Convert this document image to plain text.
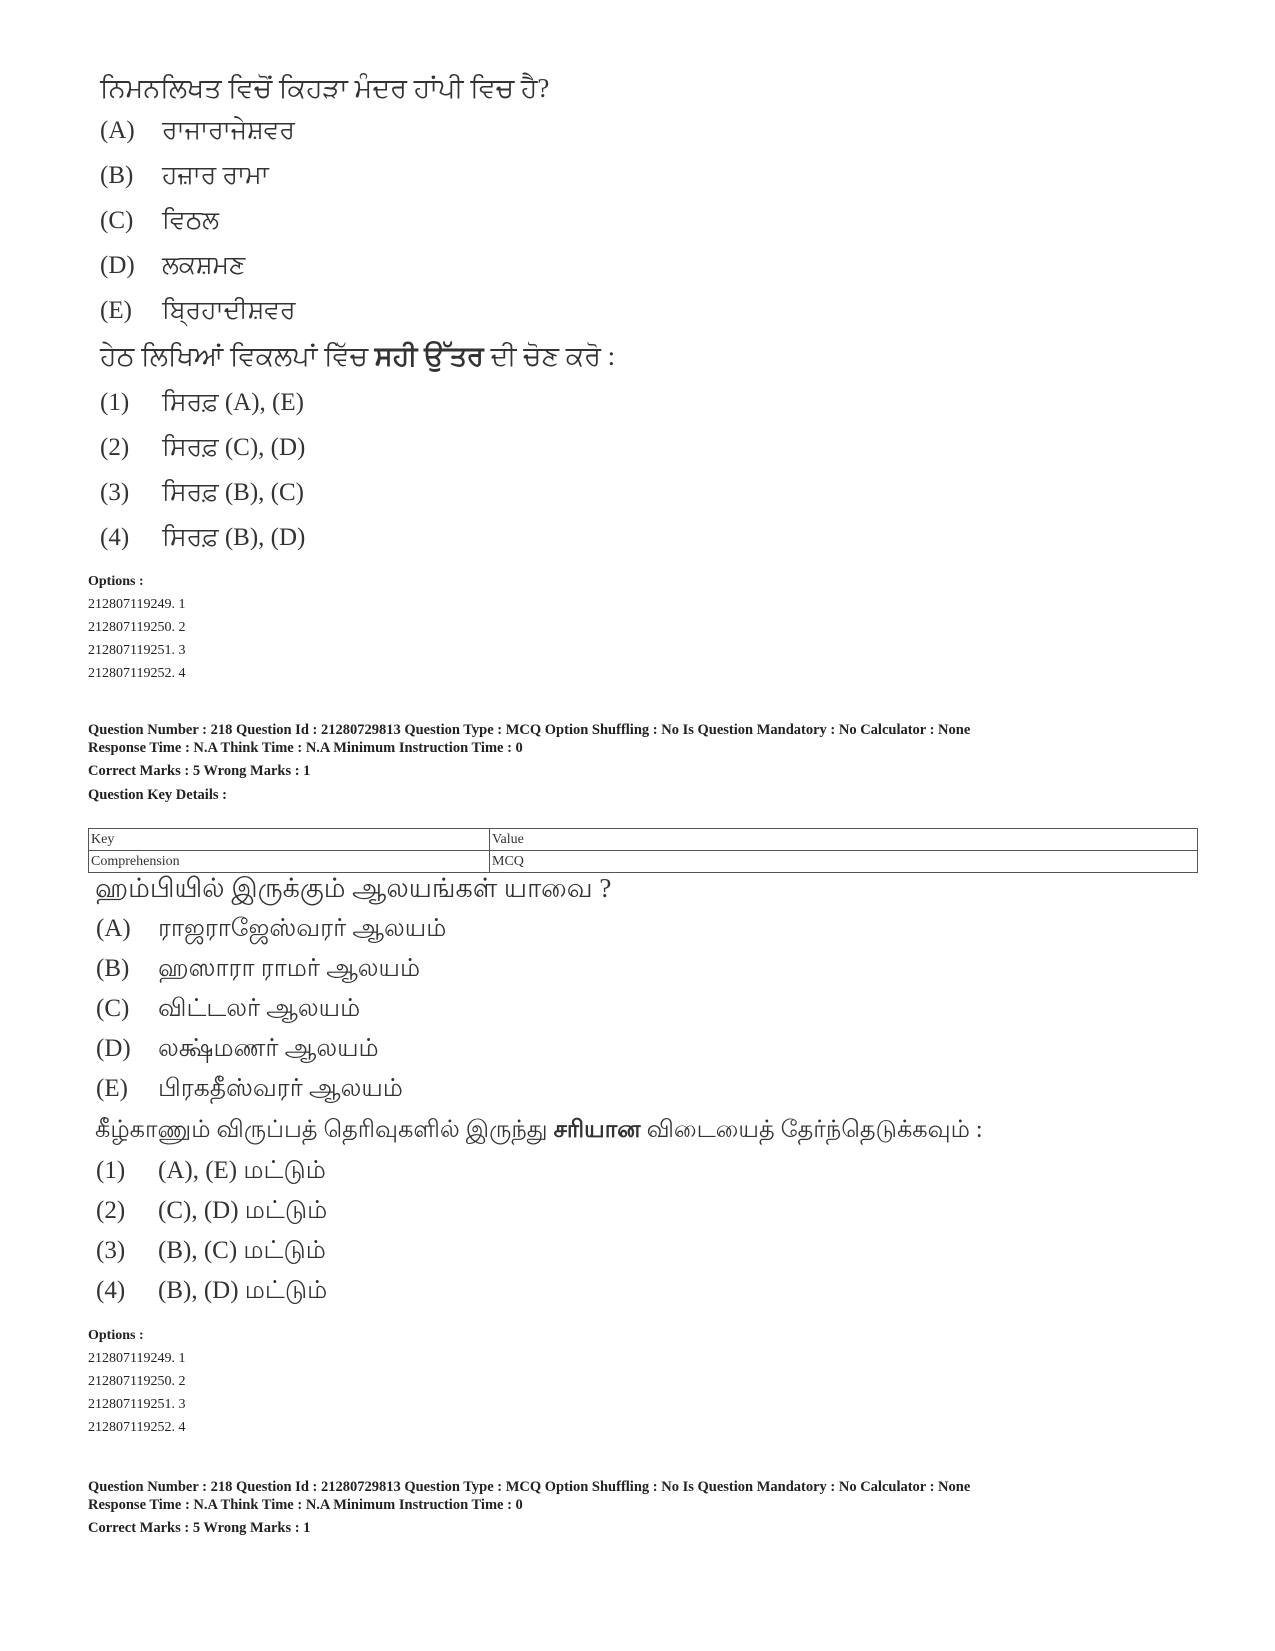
ਨਿਮਨਲਿਖਤ ਵਿਚੋਂ ਕਿਹੜਾ ਮੰਦਰ ਹਾਂਪੀ ਵਿਚ ਹੈ?
(A) ਰਾਜਾਰਾਜੇਸ਼ਵਰ
(B) ਹਜ਼ਾਰ ਰਾਮਾ
(C) ਵਿਠਲ
(D) ਲਕਸ਼ਮਣ
(E) ਬ੍ਰਿਹਾਦੀਸ਼ਵਰ
ਹੇਠ ਲਿਖਿਆਂ ਵਿਕਲਪਾਂ ਵਿੱਚ ਸਹੀ ਉੱਤਰ ਦੀ ਚੋਣ ਕਰੋ :
(1) ਸਿਰਫ਼ (A), (E)
(2) ਸਿਰਫ਼ (C), (D)
(3) ਸਿਰਫ਼ (B), (C)
(4) ਸਿਰਫ਼ (B), (D)
Options :
212807119249. 1
212807119250. 2
212807119251. 3
212807119252. 4
Question Number : 218 Question Id : 21280729813 Question Type : MCQ Option Shuffling : No Is Question Mandatory : No Calculator : None
Response Time : N.A Think Time : N.A Minimum Instruction Time : 0
Correct Marks : 5 Wrong Marks : 1
Question Key Details :
Key	Value
Comprehension	MCQ
ஹம்பியில் இருக்கும் ஆலயங்கள் யாவை ?
(A) ராஜராஜேஸ்வரர் ஆலயம்
(B) ஹஸாரா ராமர் ஆலயம்
(C) விட்டலர் ஆலயம்
(D) லக்ஷ்மணர் ஆலயம்
(E) பிரகதீஸ்வரர் ஆலயம்
கீழ்காணும் விருப்பத் தெரிவுகளில் இருந்து சரியான விடையைத் தேர்ந்தெடுக்கவும் :
(1) (A), (E) மட்டும்
(2) (C), (D) மட்டும்
(3) (B), (C) மட்டும்
(4) (B), (D) மட்டும்
Options :
212807119249. 1
212807119250. 2
212807119251. 3
212807119252. 4
Question Number : 218 Question Id : 21280729813 Question Type : MCQ Option Shuffling : No Is Question Mandatory : No Calculator : None
Response Time : N.A Think Time : N.A Minimum Instruction Time : 0
Correct Marks : 5 Wrong Marks : 1
